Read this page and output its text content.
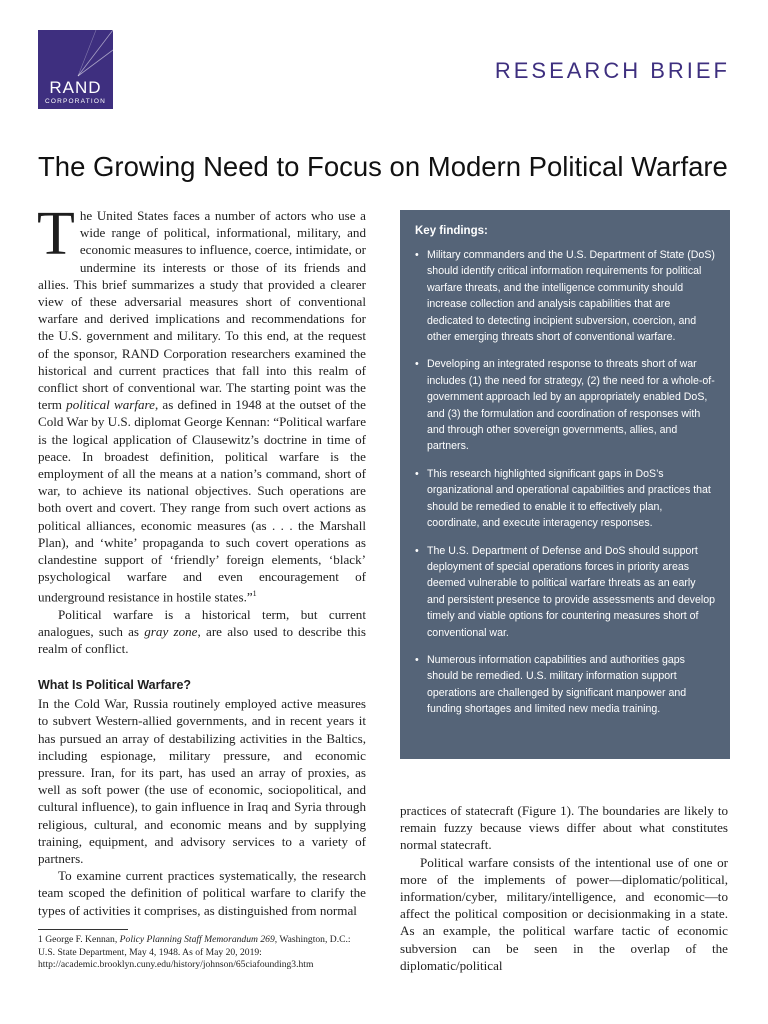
RAND
CORPORATION
RESEARCH BRIEF
The Growing Need to Focus on Modern Political Warfare

The United States faces a number of actors who use a wide range of political, informational, military, and economic measures to influence, coerce, intimidate, or undermine its interests or those of its friends and allies. This brief summarizes a study that provided a clearer view of these adversarial measures short of conventional warfare and derived implications and recommendations for the U.S. government and military. To this end, at the request of the sponsor, RAND Corporation researchers examined the historical and current practices that fall into this realm of conflict short of conventional war. The starting point was the term political warfare, as defined in 1948 at the outset of the Cold War by U.S. diplomat George Kennan: “Political warfare is the logical application of Clausewitz’s doctrine in time of peace. In broadest definition, political warfare is the employment of all the means at a nation’s command, short of war, to achieve its national objectives. Such operations are both overt and covert. They range from such overt actions as political alliances, economic measures (as . . . the Marshall Plan), and ‘white’ propaganda to such covert operations as clandestine support of ‘friendly’ foreign elements, ‘black’ psychological warfare and even encouragement of underground resistance in hostile states.”$^1$

Political warfare is a historical term, but current analogues, such as gray zone, are also used to describe this realm of conflict.

What Is Political Warfare?

In the Cold War, Russia routinely employed active measures to subvert Western-allied governments, and in recent years it has pursued an array of destabilizing activities in the Baltics, including espionage, military pressure, and economic pressure. Iran, for its part, has used an array of proxies, as well as soft power (the use of economic, sociopolitical, and cultural influence), to gain influence in Iraq and Syria through religious, cultural, and economic means and by supplying training, equipment, and advisory services to a variety of partners.

To examine current practices systematically, the research team scoped the definition of political warfare to clarify the types of activities it comprises, as distinguished from normal

1 George F. Kennan, Policy Planning Staff Memorandum 269, Washington, D.C.: U.S. State Department, May 4, 1948. As of May 20, 2019:
http://academic.brooklyn.cuny.edu/history/johnson/65ciafounding3.htm

Key findings:
• Military commanders and the U.S. Department of State (DoS) should identify critical information requirements for political warfare threats, and the intelligence community should increase collection and analysis capabilities that are dedicated to detecting incipient subversion, coercion, and other emerging threats short of conventional warfare.
• Developing an integrated response to threats short of war includes (1) the need for strategy, (2) the need for a whole-of-government approach led by an appropriately enabled DoS, and (3) the formulation and coordination of responses with and through other sovereign governments, allies, and partners.
• This research highlighted significant gaps in DoS’s organizational and operational capabilities and practices that should be remedied to enable it to effectively plan, coordinate, and execute interagency responses.
• The U.S. Department of Defense and DoS should support deployment of special operations forces in priority areas deemed vulnerable to political warfare threats as an early and persistent presence to provide assessments and develop timely and viable options for countering measures short of conventional war.
• Numerous information capabilities and authorities gaps should be remedied. U.S. military information support operations are challenged by significant manpower and funding shortages and limited new media training.

practices of statecraft (Figure 1). The boundaries are likely to remain fuzzy because views differ about what constitutes normal statecraft.

Political warfare consists of the intentional use of one or more of the implements of power—diplomatic/political, information/cyber, military/intelligence, and economic—to affect the political composition or decisionmaking in a state. As an example, the political warfare tactic of economic subversion can be seen in the overlap of the diplomatic/political
